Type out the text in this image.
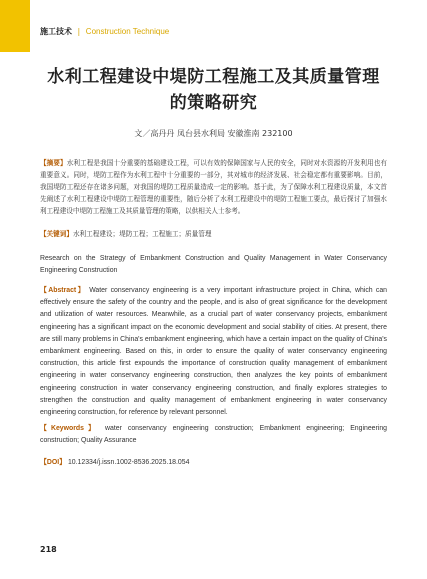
施工技术 | Construction Technique
水利工程建设中堤防工程施工及其质量管理的策略研究
文／高丹丹 凤台县水利局 安徽淮南 232100
【摘要】水利工程是我国十分重要的基础建设工程，可以有效的保障国家与人民的安全，同时对水资源的开发利用也有重要意义。同时，堤防工程作为水利工程中十分重要的一部分，其对城市的经济发展、社会稳定都有重要影响。目前，我国堤防工程还存在诸多问题，对我国的堤防工程质量造成一定的影响。基于此，为了保障水利工程建设质量，本文首先阐述了水利工程建设中堤防工程管理的重要性，随后分析了水利工程建设中的堤防工程施工要点，最后探讨了加强水利工程建设中堤防工程施工及其质量管理的策略，以供相关人士参考。
【关键词】水利工程建设；堤防工程；工程施工；质量管理
Research on the Strategy of Embankment Construction and Quality Management in Water Conservancy Engineering Construction
【Abstract】 Water conservancy engineering is a very important infrastructure project in China, which can effectively ensure the safety of the country and the people, and is also of great significance for the development and utilization of water resources. Meanwhile, as a crucial part of water conservancy projects, embankment engineering has a significant impact on the economic development and social stability of cities. At present, there are still many problems in China's embankment engineering, which have a certain impact on the quality of China's embankment engineering. Based on this, in order to ensure the quality of water conservancy engineering construction, this article first expounds the importance of construction quality management of embankment engineering in water conservancy engineering construction, then analyzes the key points of embankment engineering construction in water conservancy engineering construction, and finally explores strategies to strengthen the construction and quality management of embankment engineering in water conservancy engineering construction, for reference by relevant personnel.
【Keywords】 water conservancy engineering construction; Embankment engineering; Engineering construction; Quality Assurance
【DOI】 10.12334/j.issn.1002-8536.2025.18.054
218
